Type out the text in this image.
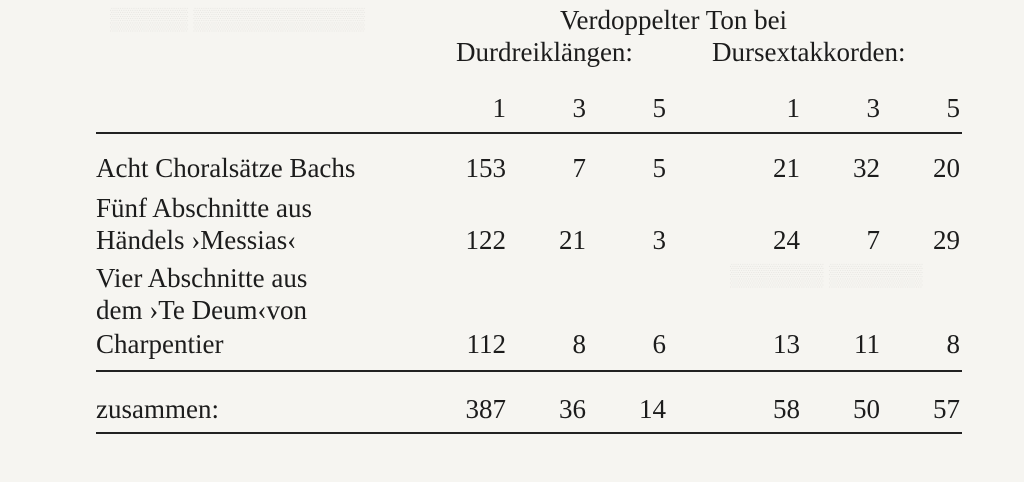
▒▒▒▒▒ ▒▒▒▒▒▒▒▒▒▒▒
▒▒▒▒▒▒ ▒▒▒▒▒▒
Verdoppelter Ton bei
Durdreiklängen:	Dursextakkorden:
1	3	5	1	3	5
Acht Choralsätze Bachs	153	7	5	21	32	20
Fünf Abschnitte aus
Händels ›Messias‹	122	21	3	24	7	29
Vier Abschnitte aus
dem ›Te Deum‹von
Charpentier	112	8	6	13	11	8
zusammen:	387	36	14	58	50	57
